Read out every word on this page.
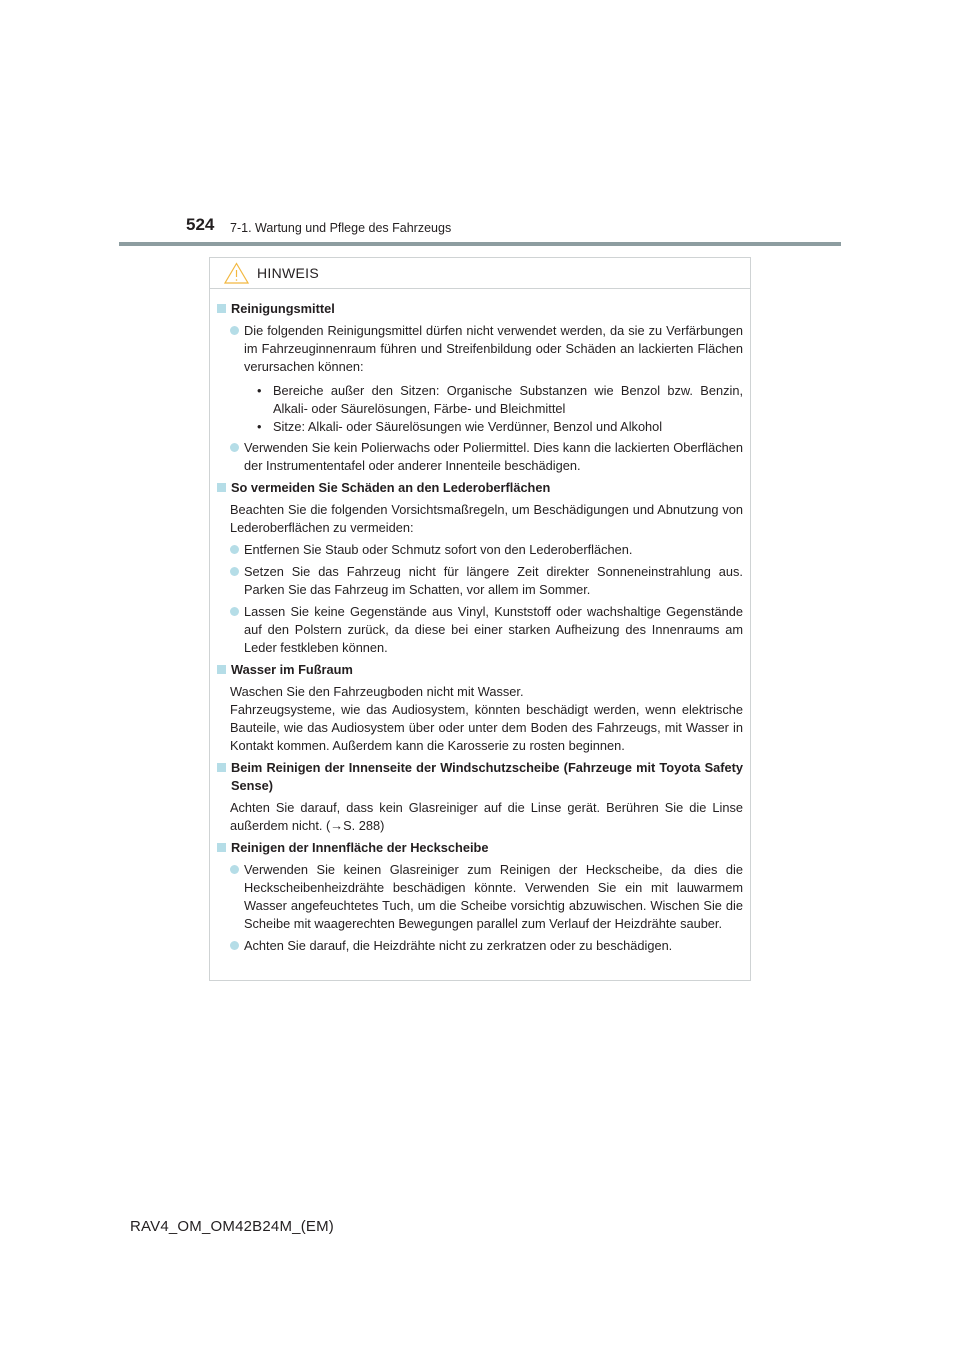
524 7-1. Wartung und Pflege des Fahrzeugs
HINWEIS
Reinigungsmittel
Die folgenden Reinigungsmittel dürfen nicht verwendet werden, da sie zu Verfärbungen im Fahrzeuginnenraum führen und Streifenbildung oder Schäden an lackierten Flächen verursachen können:
• Bereiche außer den Sitzen: Organische Substanzen wie Benzol bzw. Benzin, Alkali- oder Säurelösungen, Färbe- und Bleichmittel
• Sitze: Alkali- oder Säurelösungen wie Verdünner, Benzol und Alkohol
Verwenden Sie kein Polierwachs oder Poliermittel. Dies kann die lackierten Oberflächen der Instrumententafel oder anderer Innenteile beschädigen.
So vermeiden Sie Schäden an den Lederoberflächen
Beachten Sie die folgenden Vorsichtsmaßregeln, um Beschädigungen und Abnutzung von Lederoberflächen zu vermeiden:
Entfernen Sie Staub oder Schmutz sofort von den Lederoberflächen.
Setzen Sie das Fahrzeug nicht für längere Zeit direkter Sonneneinstrahlung aus. Parken Sie das Fahrzeug im Schatten, vor allem im Sommer.
Lassen Sie keine Gegenstände aus Vinyl, Kunststoff oder wachshaltige Gegenstände auf den Polstern zurück, da diese bei einer starken Aufheizung des Innenraums am Leder festkleben können.
Wasser im Fußraum
Waschen Sie den Fahrzeugboden nicht mit Wasser.
Fahrzeugsysteme, wie das Audiosystem, könnten beschädigt werden, wenn elektrische Bauteile, wie das Audiosystem über oder unter dem Boden des Fahrzeugs, mit Wasser in Kontakt kommen. Außerdem kann die Karosserie zu rosten beginnen.
Beim Reinigen der Innenseite der Windschutzscheibe (Fahrzeuge mit Toyota Safety Sense)
Achten Sie darauf, dass kein Glasreiniger auf die Linse gerät. Berühren Sie die Linse außerdem nicht. (→S. 288)
Reinigen der Innenfläche der Heckscheibe
Verwenden Sie keinen Glasreiniger zum Reinigen der Heckscheibe, da dies die Heckscheibenheizdrähte beschädigen könnte. Verwenden Sie ein mit lauwarmem Wasser angefeuchtetes Tuch, um die Scheibe vorsichtig abzuwischen. Wischen Sie die Scheibe mit waagerechten Bewegungen parallel zum Verlauf der Heizdrähte sauber.
Achten Sie darauf, die Heizdrähte nicht zu zerkratzen oder zu beschädigen.
RAV4_OM_OM42B24M_(EM)
